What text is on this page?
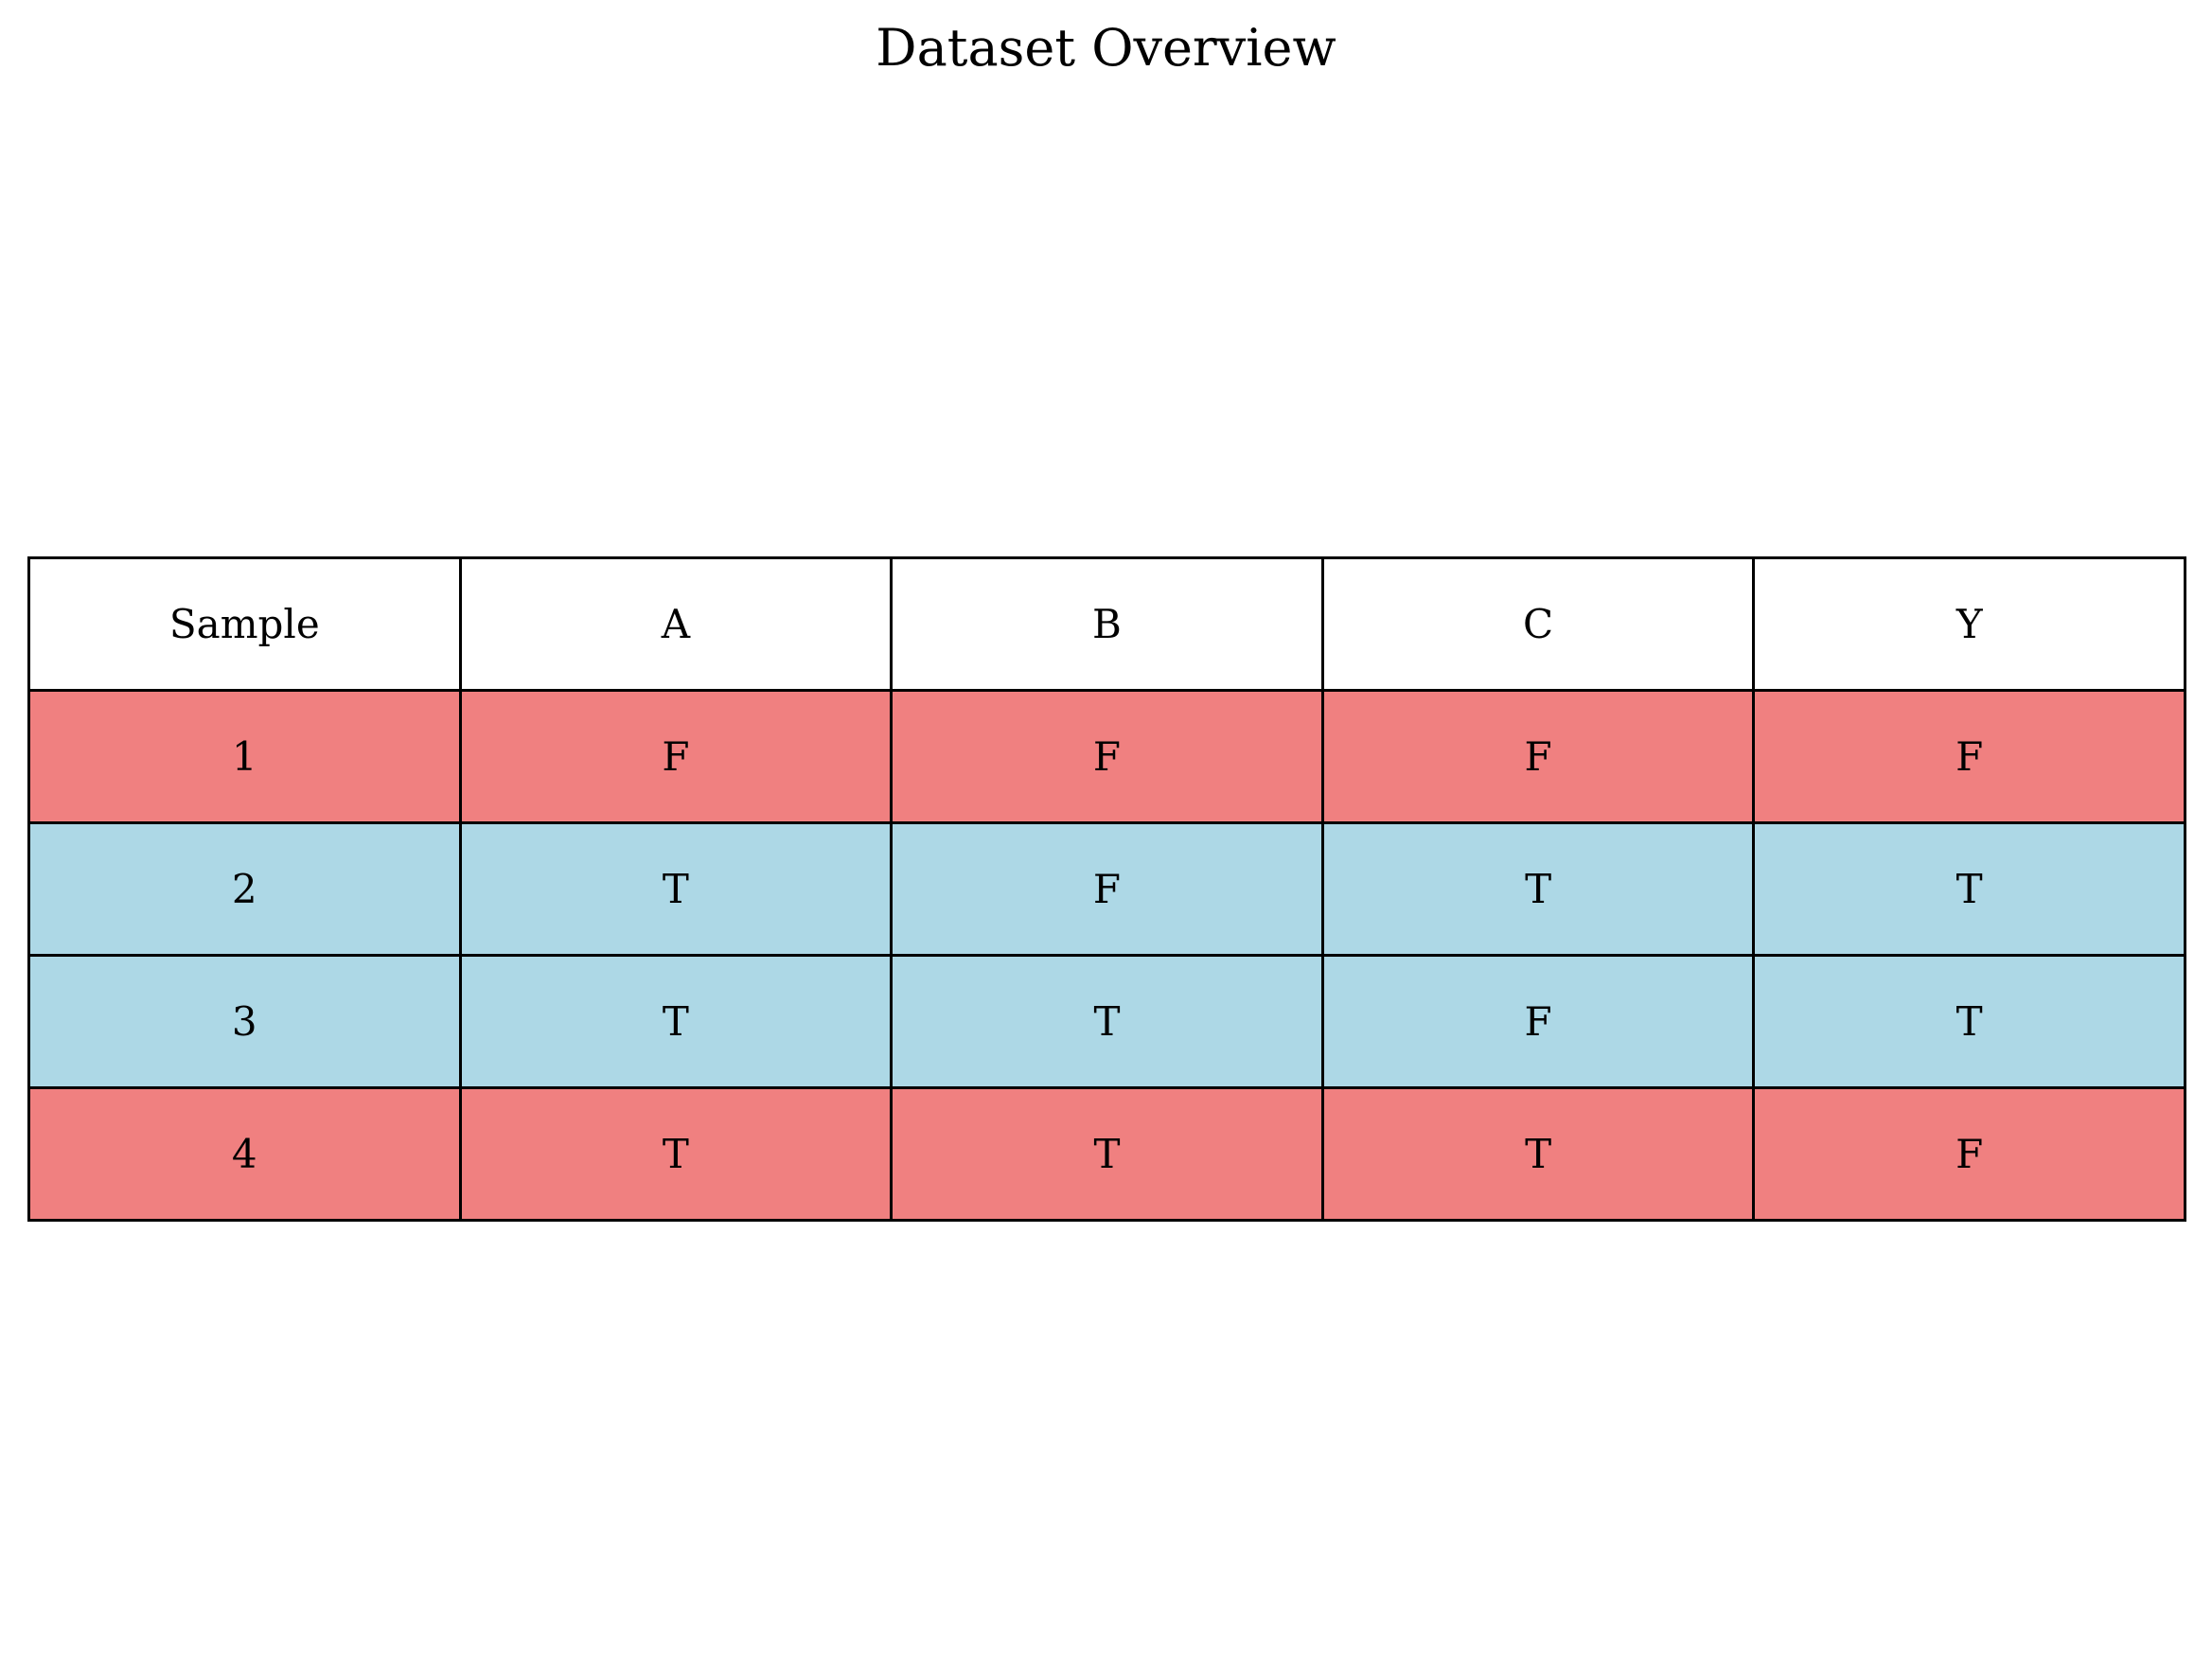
Dataset Overview
Sample	A	B	C	Y
1	F	F	F	F
2	T	F	T	T
3	T	T	F	T
4	T	T	T	F
